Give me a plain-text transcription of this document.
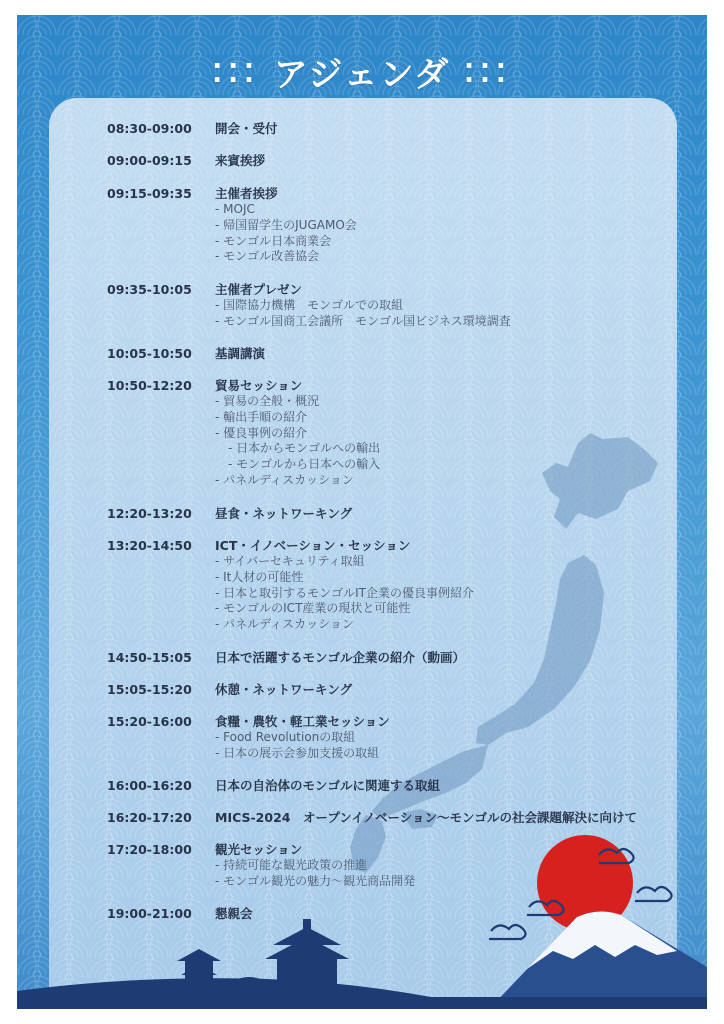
⁚⁚⁚ アジェンダ ⁚⁚⁚
08:30-09:00	開会・受付
09:00-09:15	来賓挨拶
09:15-09:35	主催者挨拶
- MOJC
- 帰国留学生のJUGAMO会
- モンゴル日本商業会
- モンゴル改善協会
09:35-10:05	主催者プレゼン
- 国際協力機構　モンゴルでの取組
- モンゴル国商工会議所　モンゴル国ビジネス環境調査
10:05-10:50	基調講演
10:50-12:20	貿易セッション
- 貿易の全般・概況
- 輸出手順の紹介
- 優良事例の紹介
- 日本からモンゴルへの輸出
- モンゴルから日本への輸入
- パネルディスカッション
12:20-13:20	昼食・ネットワーキング
13:20-14:50	ICT・イノベーション・セッション
- サイバーセキュリティ取組
- It人材の可能性
- 日本と取引するモンゴルIT企業の優良事例紹介
- モンゴルのICT産業の現状と可能性
- パネルディスカッション
14:50-15:05	日本で活躍するモンゴル企業の紹介（動画）
15:05-15:20	休憩・ネットワーキング
15:20-16:00	食糧・農牧・軽工業セッション
- Food Revolutionの取組
- 日本の展示会参加支援の取組
16:00-16:20	日本の自治体のモンゴルに関連する取組
16:20-17:20	MICS-2024　オープンイノベーション～モンゴルの社会課題解決に向けて
17:20-18:00	観光セッション
- 持続可能な観光政策の推進
- モンゴル観光の魅力～観光商品開発
19:00-21:00	懇親会
